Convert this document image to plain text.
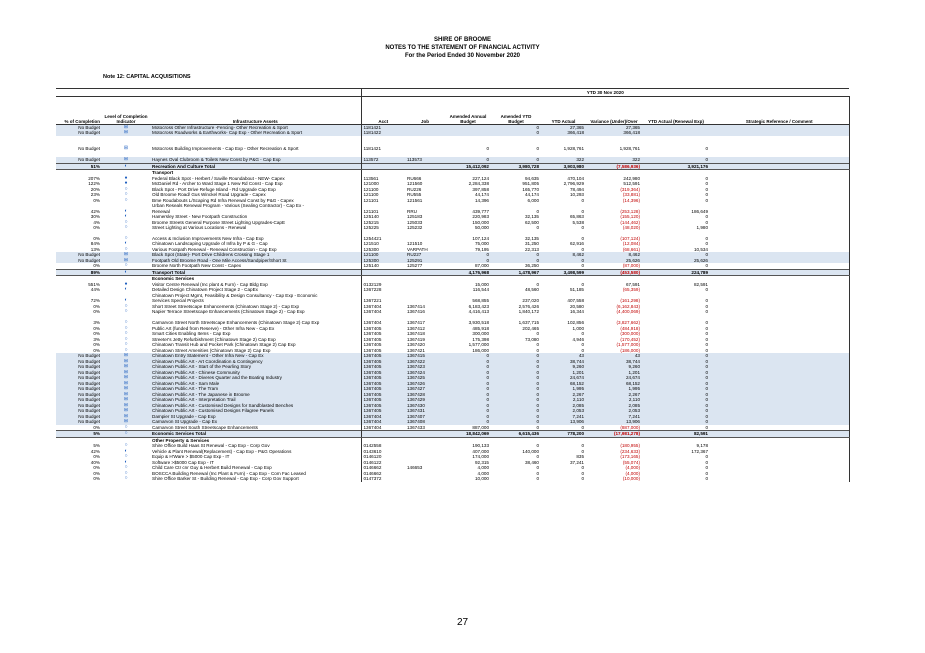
SHIRE OF BROOME
NOTES TO THE STATEMENT OF FINANCIAL ACTIVITY
For the Period Ended 30 November 2020
Note 12: CAPITAL ACQUISITIONS
			YTD 30 Nov 2020							
% of Completion	Level of Completion Indicator	Infrastructure Assets	Acct	Job	Amended Annual Budget	Amended YTD Budget	YTD Actual	Variance (Under)/Over	YTD Actual (Renewal Exp)	Strategic Reference / Comment
No Budget	⊞	Motocross Other Infrastructure -Fencing- Other Recreation & Sport	1181421			0	27,365	27,365		
No Budget	⊞	Motocross Roadworks & Earthworks- Cap Exp - Other Recreation & Sport	1181422			0	366,418	366,418		

No Budget	⊞	Motocross Building Improvements - Cap Exp - Other Recreation & Sport	1181421		0	0	1,928,761	1,928,761	0	

No Budget	⊞	Haynes Oval Clubroom & Toilets New Const by P&G - Cap Exp	113572	113573	0	0	322	322	0	
51%	◐	Recreation And Culture Total			15,412,092	3,980,728	3,903,980	(7,586,936)	3,921,176	
		Transport								
207%	●	Federal Black Spot - Herbert / Saville Roundabout - NEW- Capex	113561	RU666	227,124	94,635	470,104	242,980	0	
122%	●	McDaniel Rd - Archer to Ward Stage 1 New Rd Const - Cap Exp	121000	121560	2,284,338	951,805	2,796,929	512,591	0	
20%	○	Black Spot - Port Drive Refuge Island - Rd Upgrade Cap Exp	121100	RU226	397,858	165,770	78,494	(319,364)	0	
23%	○	Old Broome Road/ Gus Winckel Road Upgrade - Capex	121100	RU555	44,174	44,174	10,293	(33,881)	0	
0%	○	Bme Roudabouts L/Scaping Rd Infra Renewal Const by P&G - Capex	121101	121561	14,396	6,000	0	(14,396)	0	
		Urban Reseals Renewal Program - Various (Sealing Contractor) - Cap Ex -								
42%	◐	Renewal	121101	RRU	439,777	0	0	(253,128)	186,649	
30%	◐	Hamersley Street - New Footpath Construction	125140	125183	220,983	32,135	65,863	(155,120)	0	
4%	○	Broome Streets General Purpose Street Lighting Upgrades-CapE	125215	125033	150,000	62,500	5,538	(144,462)	0	
0%	○	Street Lighting at Various Locations - Renewal	125225	125232	50,000	0	0	(48,020)	1,980	

0%	○	Access & Inclusion Improvements New Infra - Cap Exp	1254421		107,124	32,135	0	(107,124)	0	
84%	◐	Chinatown Landscaping Upgrade of Infra by P & G - Cap	121510	121510	75,000	31,250	62,916	(12,084)	0	
13%	○	Various Footpath Renewal - Renewal Construction - Cap Exp	125300	VARPATH	79,195	22,313	0	(68,661)	10,534	
No Budget	⊞	Black Spot (State)- Port Drive Childrens Crossing Stage 1	121100	RU227	0	0	8,462	8,462	0	
No Budget	⊞	Footpath Old Broome Road - One Mile Access/Sandpiper/Short St	125300	125291	0	0	0	25,626	25,626	
0%	○	Broome North Footpath New Const - Capex	125140	125277	87,000	36,250	0	(87,000)	0	
89%	◐	Transport Total			4,176,968	1,478,967	3,498,599	(453,580)	224,789	
		Economic Services								
551%	●	Visitor Centre Renewal (Inc plant & Furn) - Cap Bldg Exp	0132129		15,000	0	0	67,591	82,591	
44%	◐	Detailed Design Chinatown Project Stage 2 - CapEx	1367228		116,544	48,560	51,185	(65,359)	0	
		Chinatown Project Mgmt, Feasibility & Design Consultancy - Cap Exp - Economic								
72%	◐	Services Special Projects	1367221		568,855	237,020	407,558	(161,298)	0	
0%	○	Short Street Streetscape Enhancements (Chinatown Stage 2) - Cap Exp	1367404	1367414	6,183,423	2,576,426	20,580	(6,162,843)	0	
0%	○	Napier Terrace Streetscape Enhancements (Chinatown Stage 2) - Cap Exp	1367404	1367416	4,416,413	1,840,172	16,344	(4,400,069)	0	

3%	○	Carnarvon Street North Streetscape Enhancements (Chinatown Stage 2) Cap Exp	1367404	1367417	3,930,518	1,637,715	102,856	(3,827,662)	0	
0%	○	Public Art (funded from Reserve) - Other Infra New - Cap Ex	1367405	1367412	485,918	202,465	1,000	(484,918)	0	
0%	○	Smart Cities Enabling Items - Cap Exp	1367405	1367418	300,000	0	0	(300,000)	0	
3%	○	Streeter's Jetty Refurbishment (Chinatown Stage 2) Cap Exp	1367405	1367419	175,398	73,080	4,946	(170,452)	0	
0%	○	Chinatown Transit Hub and Pocket Park (Chinatown Stage 2) Cap Exp	1367405	1367420	1,577,000	0	0	(1,577,000)	0	
0%	○	Chinatown Street Amenities (Chinatown Stage 2) Cap Exp	1367405	1367421	186,000	0	0	(186,000)	0	
No Budget	⊞	Chinatown Entry Statement - Other Infra New - Cap Ex	1367405	1367415	0	0	43	43	0	
No Budget	⊞	Chinatown Public Art - Art Coordination & Contingency	1367405	1367422	0	0	38,744	38,744	0	
No Budget	⊞	Chinatown Public Art - Start of the Pearling Story	1367405	1367423	0	0	9,260	9,260	0	
No Budget	⊞	Chinatown Public Art - Chinese Community	1367405	1367424	0	0	1,201	1,201	0	
No Budget	⊞	Chinatown Public Art - Diveres Quarter and the Boating Industry	1367405	1367425	0	0	24,674	24,674	0	
No Budget	⊞	Chinatown Public Art - Sam Male	1367405	1367426	0	0	68,152	68,152	0	
No Budget	⊞	Chinatown Public Art - The Tram	1367405	1367427	0	0	1,995	1,995	0	
No Budget	⊞	Chinatown Public Art - The Japanese in Broome	1367405	1367428	0	0	2,267	2,267	0	
No Budget	⊞	Chinatown Public Art - Interpretation Trail	1367405	1367429	0	0	2,110	2,110	0	
No Budget	⊞	Chinatown Public Art - Customised Designs for Sandblasted Benches	1367405	1367430	0	0	2,085	2,085	0	
No Budget	⊞	Chinatown Public Art - Customised Designs Filagree Panels	1367405	1367431	0	0	2,053	2,053	0	
No Budget	⊞	Dampier St Upgrade - Cap Exp	1367404	1367407	0	0	7,241	7,241	0	
No Budget	⊞	Carnarvon St Upgrade - Cap Ex	1367404	1367408	0	0	13,906	13,906	0	
0%	○	Carnarvon Street South Streetscape Enhancements	1367404	1367433	887,000	0	0	(887,000)	0	
5%	○	Economic Services Total			18,842,069	6,615,436	778,200	(17,981,278)	82,591	
		Other Property & Services								
5%	○	Shire Office Build Haas St Renewal - Cap Exp - Corp Gov	0142558		190,133	0	0	(180,955)	9,178	
42%	◐	Vehicle & Plant Renewal(Replacement) - Cap Exp - P&G Operations	0143610		407,000	140,000	0	(234,633)	172,367	
0%	○	Equip & H'Ware > $5000 Cap Exp - IT	0146120		174,000	0	835	(173,165)	0	
40%	◐	Software >$5000 Cap Exp - IT	0146122		92,315	38,460	37,241	(55,074)	0	
0%	○	Child Care Ctr cnr Guy & Herbert Build Renewal - Cap Exp	0146662	146653	4,000	0	0	(4,000)	0	
0%	○	BOSCCA Building Renewal (Inc Plant & Furn) - Cap Exp - Com Fac Leased	0146662		4,000	0	0	(4,000)	0	
0%	○	Shire Office Barker St - Building Renewal - Cap Exp - Corp Gov Support	0147372		10,000	0	0	(10,000)	0	
27
